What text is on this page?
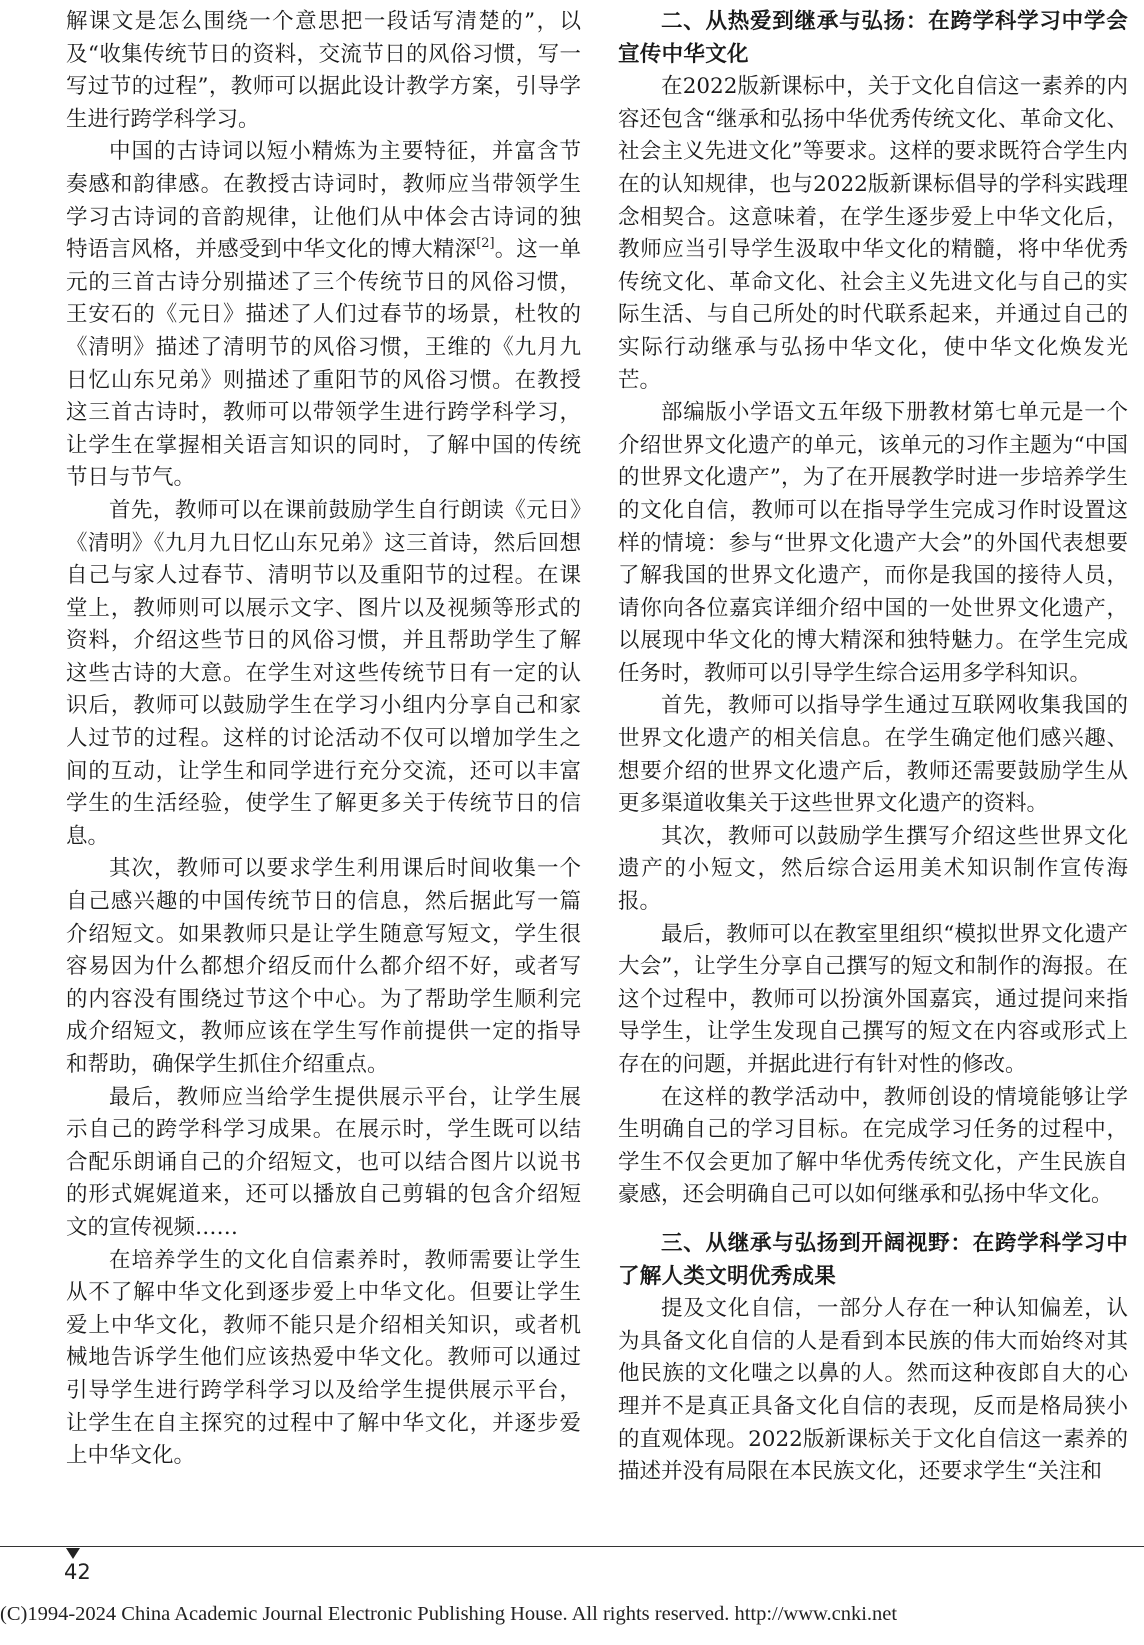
解课文是怎么围绕一个意思把一段话写清楚的”，以及“收集传统节日的资料，交流节日的风俗习惯，写一写过节的过程”，教师可以据此设计教学方案，引导学生进行跨学科学习。

中国的古诗词以短小精炼为主要特征，并富含节奏感和韵律感。在教授古诗词时，教师应当带领学生学习古诗词的音韵规律，让他们从中体会古诗词的独特语言风格，并感受到中华文化的博大精深[2]。这一单元的三首古诗分别描述了三个传统节日的风俗习惯，王安石的《元日》描述了人们过春节的场景，杜牧的《清明》描述了清明节的风俗习惯，王维的《九月九日忆山东兄弟》则描述了重阳节的风俗习惯。在教授这三首古诗时，教师可以带领学生进行跨学科学习，让学生在掌握相关语言知识的同时，了解中国的传统节日与节气。

首先，教师可以在课前鼓励学生自行朗读《元日》《清明》《九月九日忆山东兄弟》这三首诗，然后回想自己与家人过春节、清明节以及重阳节的过程。在课堂上，教师则可以展示文字、图片以及视频等形式的资料，介绍这些节日的风俗习惯，并且帮助学生了解这些古诗的大意。在学生对这些传统节日有一定的认识后，教师可以鼓励学生在学习小组内分享自己和家人过节的过程。这样的讨论活动不仅可以增加学生之间的互动，让学生和同学进行充分交流，还可以丰富学生的生活经验，使学生了解更多关于传统节日的信息。

其次，教师可以要求学生利用课后时间收集一个自己感兴趣的中国传统节日的信息，然后据此写一篇介绍短文。如果教师只是让学生随意写短文，学生很容易因为什么都想介绍反而什么都介绍不好，或者写的内容没有围绕过节这个中心。为了帮助学生顺利完成介绍短文，教师应该在学生写作前提供一定的指导和帮助，确保学生抓住介绍重点。

最后，教师应当给学生提供展示平台，让学生展示自己的跨学科学习成果。在展示时，学生既可以结合配乐朗诵自己的介绍短文，也可以结合图片以说书的形式娓娓道来，还可以播放自己剪辑的包含介绍短文的宣传视频……

在培养学生的文化自信素养时，教师需要让学生从不了解中华文化到逐步爱上中华文化。但要让学生爱上中华文化，教师不能只是介绍相关知识，或者机械地告诉学生他们应该热爱中华文化。教师可以通过引导学生进行跨学科学习以及给学生提供展示平台，让学生在自主探究的过程中了解中华文化，并逐步爱上中华文化。

二、从热爱到继承与弘扬：在跨学科学习中学会宣传中华文化

在2022版新课标中，关于文化自信这一素养的内容还包含“继承和弘扬中华优秀传统文化、革命文化、社会主义先进文化”等要求。这样的要求既符合学生内在的认知规律，也与2022版新课标倡导的学科实践理念相契合。这意味着，在学生逐步爱上中华文化后，教师应当引导学生汲取中华文化的精髓，将中华优秀传统文化、革命文化、社会主义先进文化与自己的实际生活、与自己所处的时代联系起来，并通过自己的实际行动继承与弘扬中华文化，使中华文化焕发光芒。

部编版小学语文五年级下册教材第七单元是一个介绍世界文化遗产的单元，该单元的习作主题为“中国的世界文化遗产”，为了在开展教学时进一步培养学生的文化自信，教师可以在指导学生完成习作时设置这样的情境：参与“世界文化遗产大会”的外国代表想要了解我国的世界文化遗产，而你是我国的接待人员，请你向各位嘉宾详细介绍中国的一处世界文化遗产，以展现中华文化的博大精深和独特魅力。在学生完成任务时，教师可以引导学生综合运用多学科知识。

首先，教师可以指导学生通过互联网收集我国的世界文化遗产的相关信息。在学生确定他们感兴趣、想要介绍的世界文化遗产后，教师还需要鼓励学生从更多渠道收集关于这些世界文化遗产的资料。

其次，教师可以鼓励学生撰写介绍这些世界文化遗产的小短文，然后综合运用美术知识制作宣传海报。

最后，教师可以在教室里组织“模拟世界文化遗产大会”，让学生分享自己撰写的短文和制作的海报。在这个过程中，教师可以扮演外国嘉宾，通过提问来指导学生，让学生发现自己撰写的短文在内容或形式上存在的问题，并据此进行有针对性的修改。

在这样的教学活动中，教师创设的情境能够让学生明确自己的学习目标。在完成学习任务的过程中，学生不仅会更加了解中华优秀传统文化，产生民族自豪感，还会明确自己可以如何继承和弘扬中华文化。

三、从继承与弘扬到开阔视野：在跨学科学习中了解人类文明优秀成果

提及文化自信，一部分人存在一种认知偏差，认为具备文化自信的人是看到本民族的伟大而始终对其他民族的文化嗤之以鼻的人。然而这种夜郎自大的心理并不是真正具备文化自信的表现，反而是格局狭小的直观体现。2022版新课标关于文化自信这一素养的描述并没有局限在本民族文化，还要求学生“关注和

42
(C)1994-2024 China Academic Journal Electronic Publishing House. All rights reserved. http://www.cnki.net
